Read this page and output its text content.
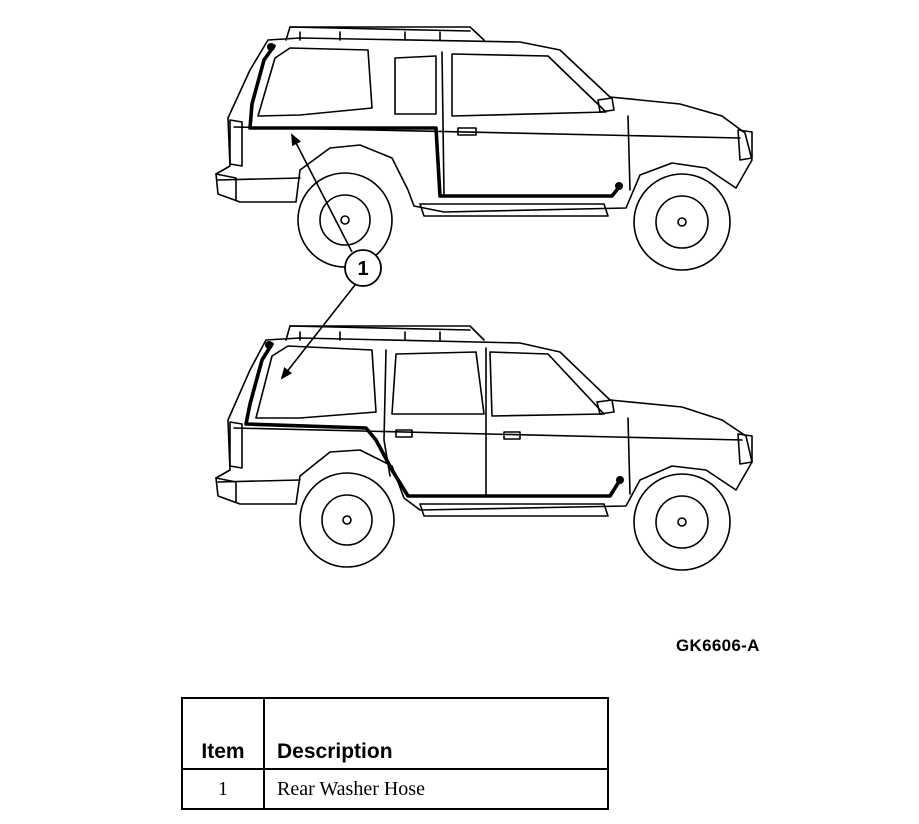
1
GK6606-A
Item	Description
1	Rear Washer Hose
